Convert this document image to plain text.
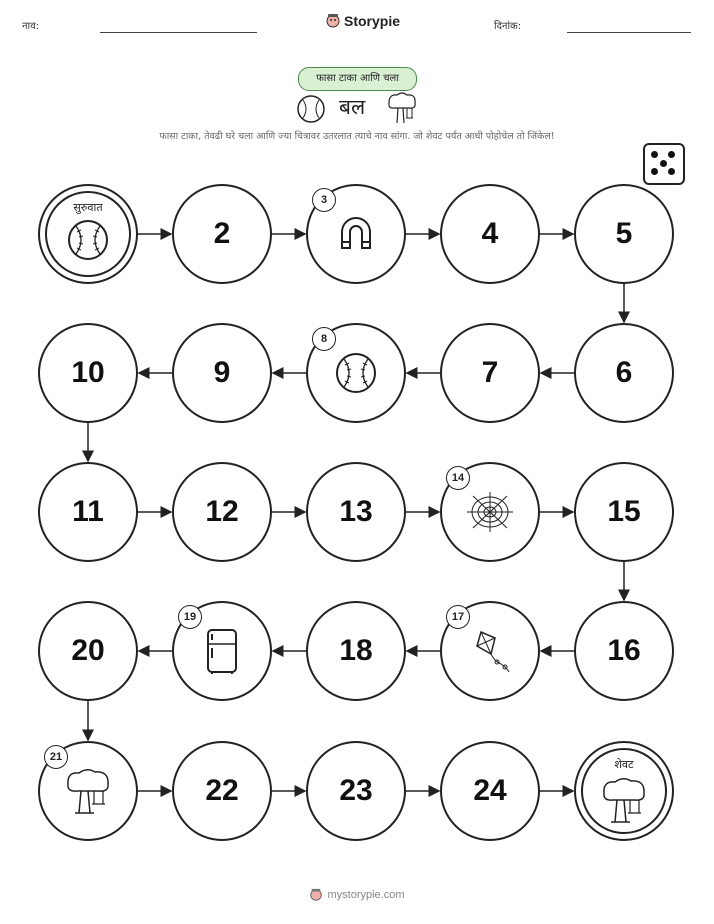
नाव:	Storypie	दिनांक:
फासा टाका आणि चला
बल
फासा टाका, तेवढी घरे चला आणि ज्या चित्रावर उतरलात त्याचे नाव सांगा. जो शेवट पर्यंत आधी पोहोचेल तो जिंकेल!
सुरुवात
2
3
4	5
6
7
8
9
10
11	12	13
14
15
16
17
18
19
20
21
22	23	24
शेवट
mystorypie.com
